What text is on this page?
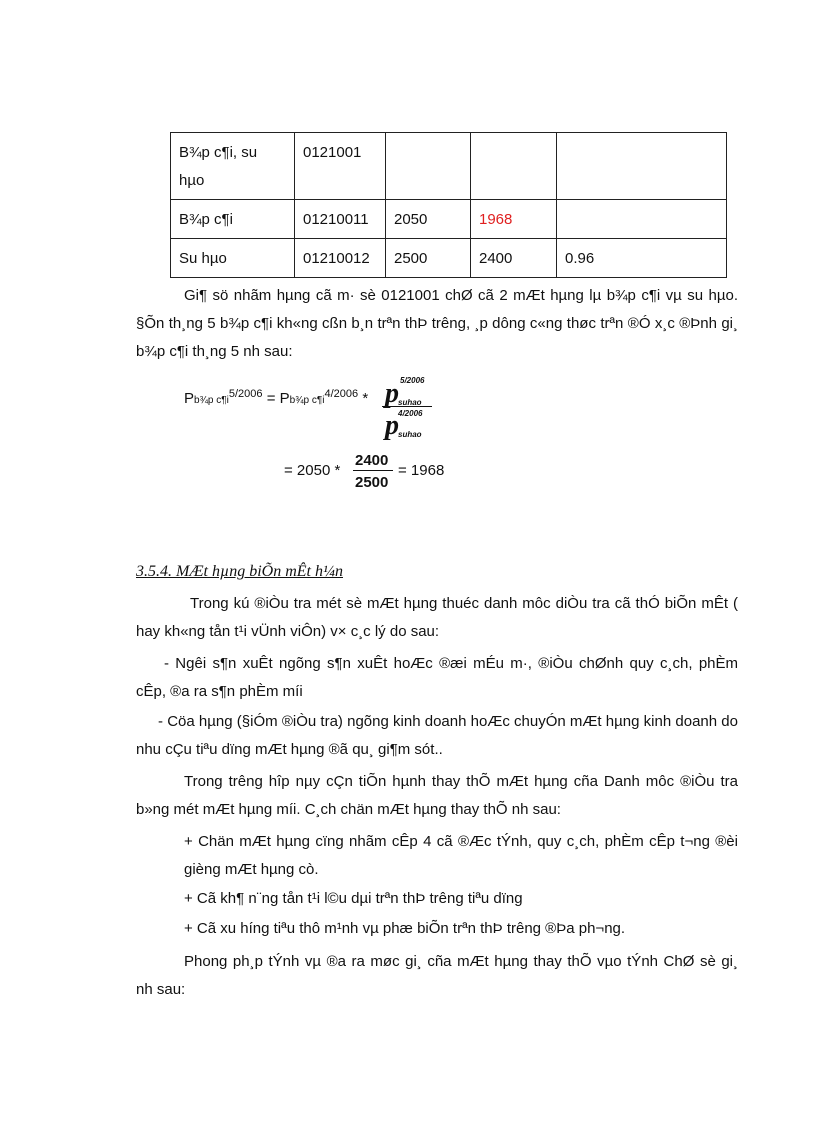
B¾p c¶i, su hµo	0121001			
B¾p c¶i	01210011	2050	1968	
Su hµo	01210012	2500	2400	0.96
Gi¶ sö nhãm hµng cã m· sè 0121001 chØ cã 2 mÆt hµng lµ b¾p c¶i vµ su hµo. §Õn th¸ng 5 b¾p c¶i kh«ng cßn b¸n trªn thÞ trêng, ¸p dông c«ng thøc trªn ®Ó x¸c ®Þnh gi¸ b¾p c¶i th¸ng 5 nh sau:
Pb¾p $c\P i^{5/2006}$ = Pb¾p $c\P i^{4/2006}$ *
5/2006
p suhao
4/2006
p suhao
= 2050 *
2400
2500
= 1968
3.5.4. MÆt hµng biÕn mÊt h¼n
Trong kú ®iÒu tra mét sè mÆt hµng thuéc danh môc diÒu tra cã thÓ biÕn mÊt ( hay kh«ng tån t¹i vÜnh viÔn) v× c¸c lý do sau:
- Ngêi s¶n xuÊt ngõng s¶n xuÊt hoÆc ®æi mÉu m·, ®iÒu chØnh quy c¸ch, phÈm cÊp, ®a ra s¶n phÈm míi
- Cöa hµng (§iÓm ®iÒu tra) ngõng kinh doanh hoÆc chuyÓn mÆt hµng kinh doanh do nhu cÇu tiªu dïng mÆt hµng ®ã qu¸ gi¶m sót..
Trong trêng hîp nµy cÇn tiÕn hµnh thay thÕ mÆt hµng cña Danh môc ®iÒu tra b»ng mét mÆt hµng míi. C¸ch chän mÆt hµng thay thÕ nh sau:
+ Chän mÆt hµng cïng nhãm cÊp 4 cã ®Æc tÝnh, quy c¸ch, phÈm cÊp t¬ng ®èi gièng mÆt hµng cò.
+ Cã kh¶ n¨ng tån t¹i l©u dµi trªn thÞ trêng tiªu dïng
+ Cã xu híng tiªu thô m¹nh vµ phæ biÕn trªn thÞ trêng ®Þa ph¬ng.
Phong ph¸p tÝnh vµ ®a ra møc gi¸ cña mÆt hµng thay thÕ vµo tÝnh ChØ sè gi¸ nh sau:
